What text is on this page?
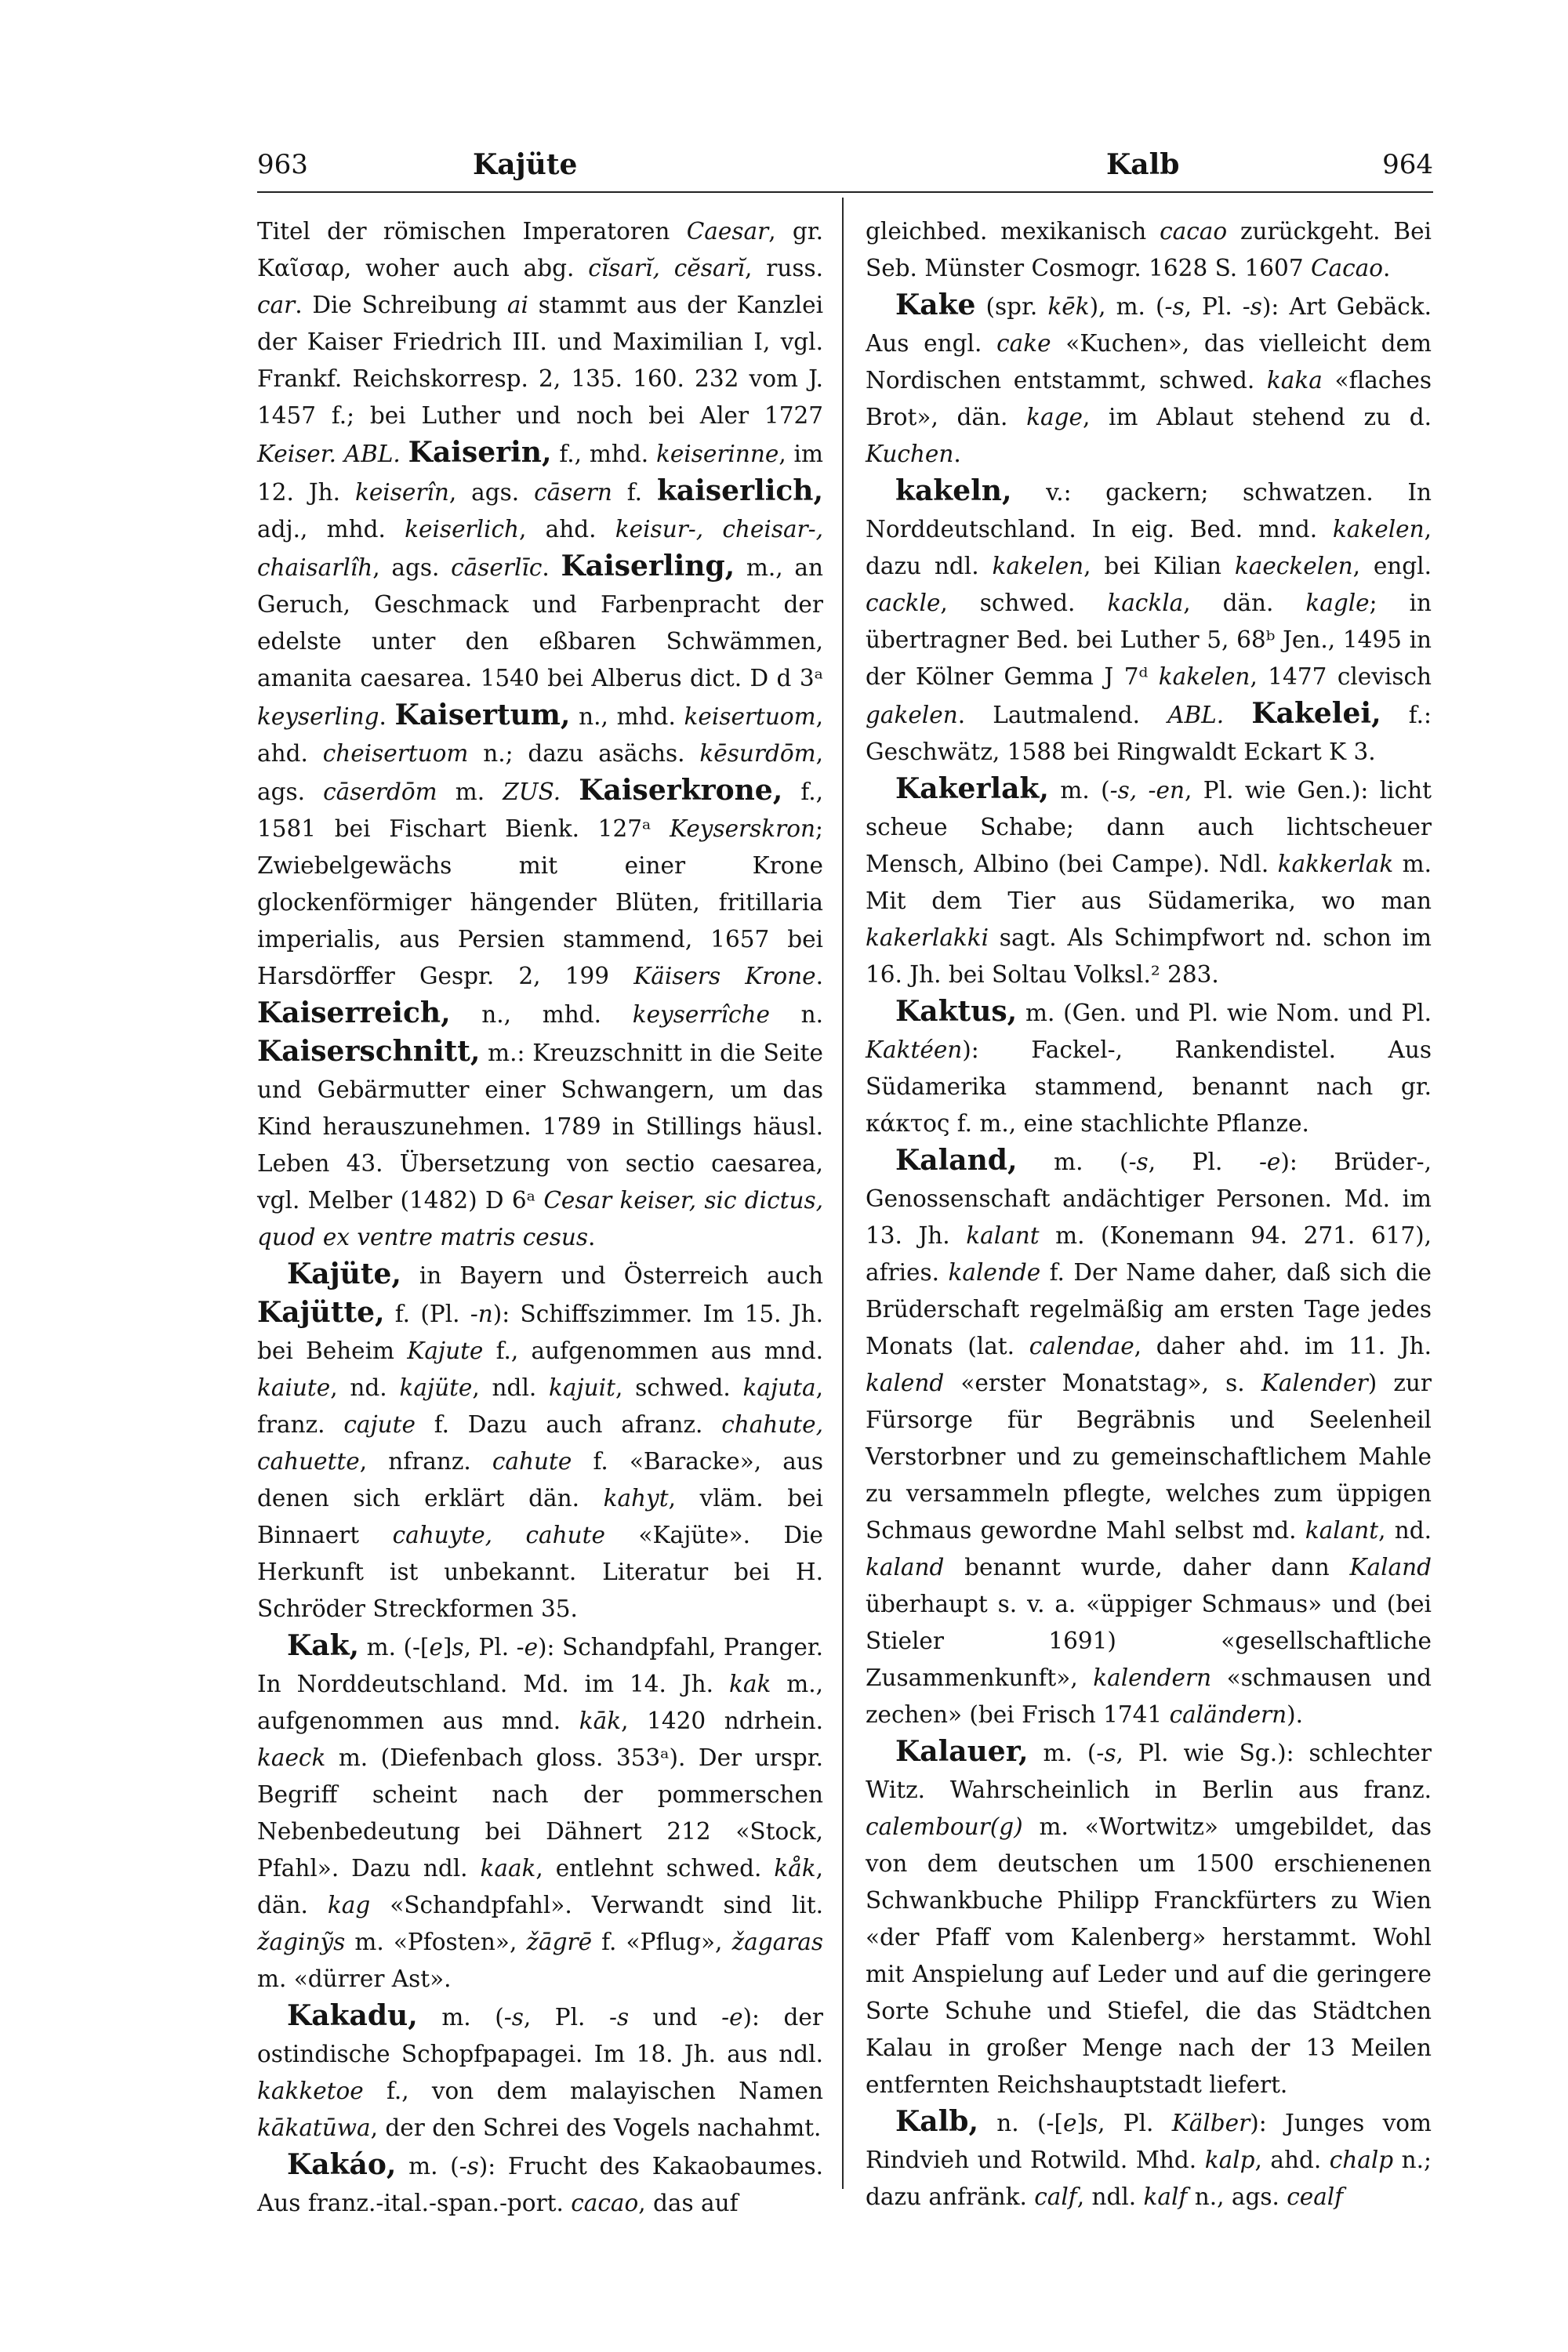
963	Kajüte	Kalb	964

Titel der römischen Imperatoren Caesar, gr. Καῖσαρ, woher auch abg. cĭsarĭ, cĕsarĭ, russ. car. Die Schreibung ai stammt aus der Kanzlei der Kaiser Friedrich III. und Maximilian I, vgl. Frankf. Reichskorresp. 2, 135. 160. 232 vom J. 1457 f.; bei Luther und noch bei Aler 1727 Keiser. ABL. Kaiserin, f., mhd. keiserinne, im 12. Jh. keiserîn, ags. cāsern f. kaiserlich, adj., mhd. keiserlich, ahd. keisur-, cheisar-, chaisarlîh, ags. cāserlīc. Kaiserling, m., an Geruch, Geschmack und Farbenpracht der edelste unter den eßbaren Schwämmen, amanita caesarea. 1540 bei Alberus dict. D d 3ᵃ keyserling. Kaisertum, n., mhd. keisertuom, ahd. cheisertuom n.; dazu asächs. kēsurdōm, ags. cāserdōm m. ZUS. Kaiserkrone, f., 1581 bei Fischart Bienk. 127ᵃ Keyserskron; Zwiebelgewächs mit einer Krone glockenförmiger hängender Blüten, fritillaria imperialis, aus Persien stammend, 1657 bei Harsdörffer Gespr. 2, 199 Käisers Krone. Kaiserreich, n., mhd. keyserrîche n. Kaiserschnitt, m.: Kreuzschnitt in die Seite und Gebärmutter einer Schwangern, um das Kind herauszunehmen. 1789 in Stillings häusl. Leben 43. Übersetzung von sectio caesarea, vgl. Melber (1482) D 6ᵃ Cesar keiser, sic dictus, quod ex ventre matris cesus.

Kajüte, in Bayern und Österreich auch Kajütte, f. (Pl. -n): Schiffszimmer. Im 15. Jh. bei Beheim Kajute f., aufgenommen aus mnd. kaiute, nd. kajüte, ndl. kajuit, schwed. kajuta, franz. cajute f. Dazu auch afranz. chahute, cahuette, nfranz. cahute f. «Baracke», aus denen sich erklärt dän. kahyt, vläm. bei Binnaert cahuyte, cahute «Kajüte». Die Herkunft ist unbekannt. Literatur bei H. Schröder Streckformen 35.

Kak, m. (-[e]s, Pl. -e): Schandpfahl, Pranger. In Norddeutschland. Md. im 14. Jh. kak m., aufgenommen aus mnd. kāk, 1420 ndrhein. kaeck m. (Diefenbach gloss. 353ᵃ). Der urspr. Begriff scheint nach der pommerschen Nebenbedeutung bei Dähnert 212 «Stock, Pfahl». Dazu ndl. kaak, entlehnt schwed. kåk, dän. kag «Schandpfahl». Verwandt sind lit. žaginỹs m. «Pfosten», žāgrē f. «Pflug», žagaras m. «dürrer Ast».

Kakadu, m. (-s, Pl. -s und -e): der ostindische Schopfpapagei. Im 18. Jh. aus ndl. kakketoe f., von dem malayischen Namen kākatūwa, der den Schrei des Vogels nachahmt.

Kakáo, m. (-s): Frucht des Kakaobaumes. Aus franz.-ital.-span.-port. cacao, das auf

gleichbed. mexikanisch cacao zurückgeht. Bei Seb. Münster Cosmogr. 1628 S. 1607 Cacao.

Kake (spr. kēk), m. (-s, Pl. -s): Art Gebäck. Aus engl. cake «Kuchen», das vielleicht dem Nordischen entstammt, schwed. kaka «flaches Brot», dän. kage, im Ablaut stehend zu d. Kuchen.

kakeln, v.: gackern; schwatzen. In Norddeutschland. In eig. Bed. mnd. kakelen, dazu ndl. kakelen, bei Kilian kaeckelen, engl. cackle, schwed. kackla, dän. kagle; in übertragner Bed. bei Luther 5, 68ᵇ Jen., 1495 in der Kölner Gemma J 7ᵈ kakelen, 1477 clevisch gakelen. Lautmalend. ABL. Kakelei, f.: Geschwätz, 1588 bei Ringwaldt Eckart K 3.

Kakerlak, m. (-s, -en, Pl. wie Gen.): licht scheue Schabe; dann auch lichtscheuer Mensch, Albino (bei Campe). Ndl. kakkerlak m. Mit dem Tier aus Südamerika, wo man kakerlakki sagt. Als Schimpfwort nd. schon im 16. Jh. bei Soltau Volksl.² 283.

Kaktus, m. (Gen. und Pl. wie Nom. und Pl. Kaktéen): Fackel-, Rankendistel. Aus Südamerika stammend, benannt nach gr. κάκτος f. m., eine stachlichte Pflanze.

Kaland, m. (-s, Pl. -e): Brüder-, Genossenschaft andächtiger Personen. Md. im 13. Jh. kalant m. (Konemann 94. 271. 617), afries. kalende f. Der Name daher, daß sich die Brüderschaft regelmäßig am ersten Tage jedes Monats (lat. calendae, daher ahd. im 11. Jh. kalend «erster Monatstag», s. Kalender) zur Fürsorge für Begräbnis und Seelenheil Verstorbner und zu gemeinschaftlichem Mahle zu versammeln pflegte, welches zum üppigen Schmaus gewordne Mahl selbst md. kalant, nd. kaland benannt wurde, daher dann Kaland überhaupt s. v. a. «üppiger Schmaus» und (bei Stieler 1691) «gesellschaftliche Zusammenkunft», kalendern «schmausen und zechen» (bei Frisch 1741 caländern).

Kalauer, m. (-s, Pl. wie Sg.): schlechter Witz. Wahrscheinlich in Berlin aus franz. calembour(g) m. «Wortwitz» umgebildet, das von dem deutschen um 1500 erschienenen Schwankbuche Philipp Franckfürters zu Wien «der Pfaff vom Kalenberg» herstammt. Wohl mit Anspielung auf Leder und auf die geringere Sorte Schuhe und Stiefel, die das Städtchen Kalau in großer Menge nach der 13 Meilen entfernten Reichshauptstadt liefert.

Kalb, n. (-[e]s, Pl. Kälber): Junges vom Rindvieh und Rotwild. Mhd. kalp, ahd. chalp n.; dazu anfränk. calf, ndl. kalf n., ags. cealf
